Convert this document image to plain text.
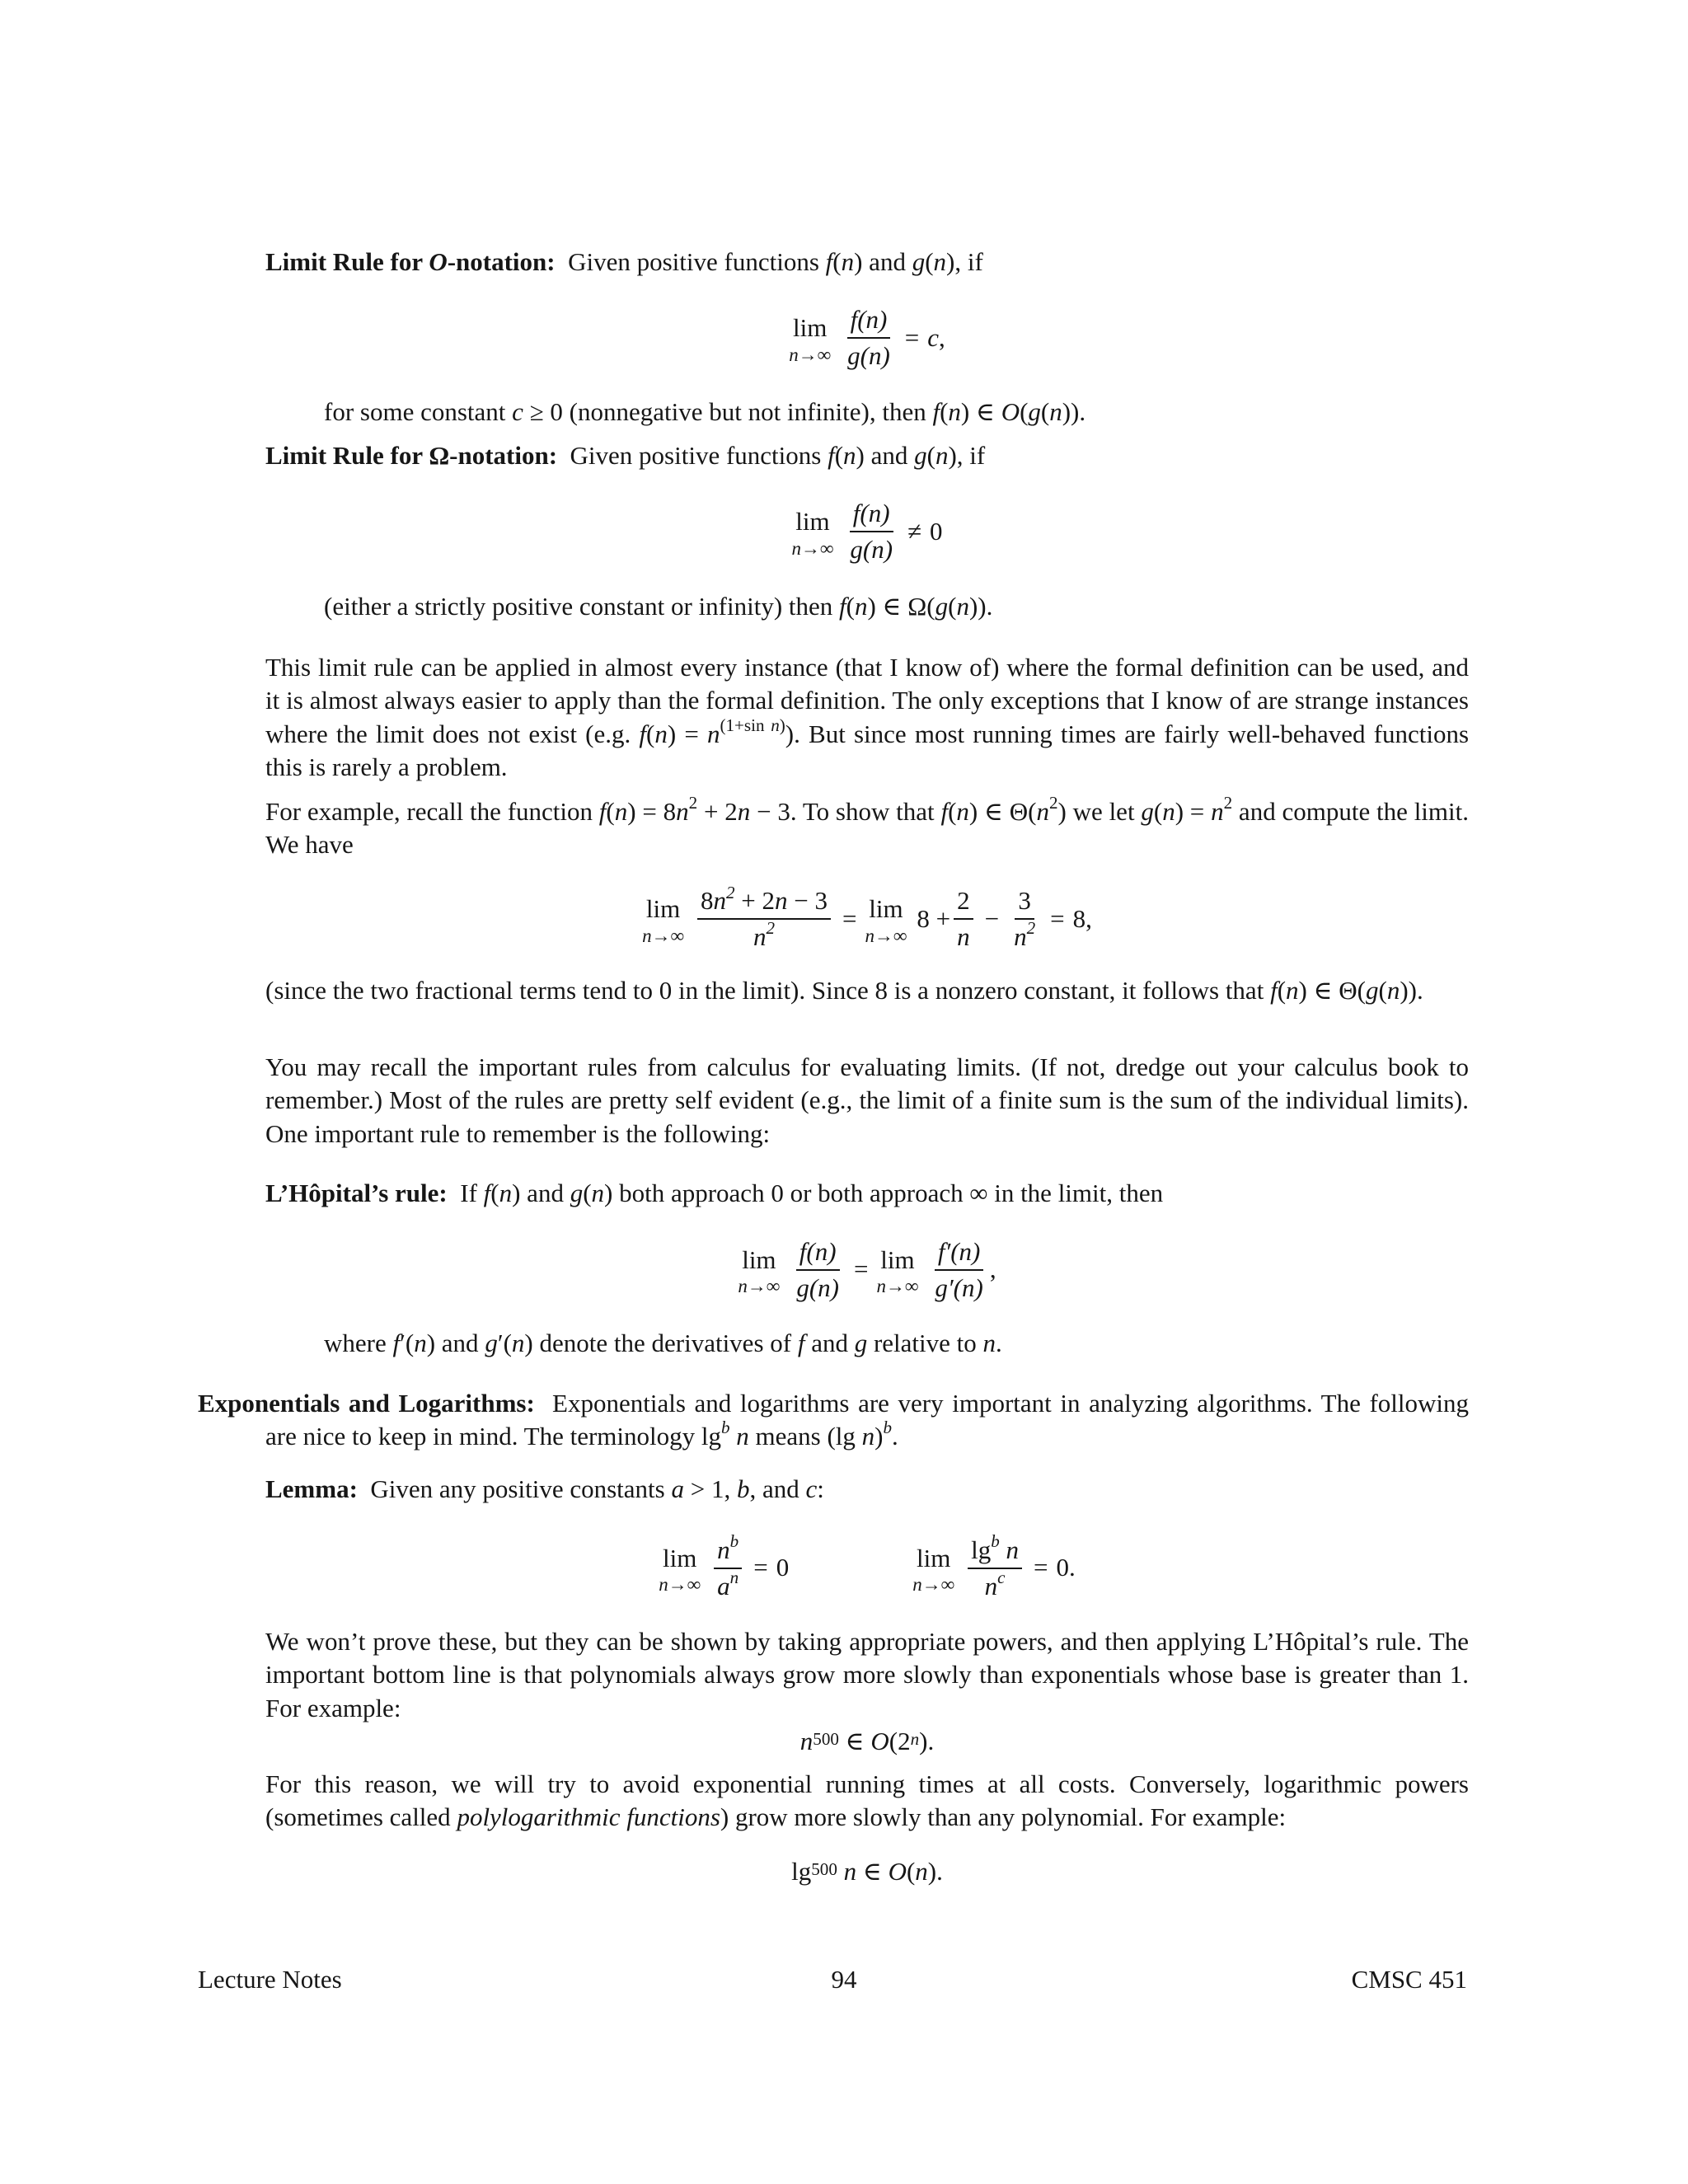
Limit Rule for O-notation:  Given positive functions f(n) and g(n), if
lim
$n\to\infty \frac{f(n)}{g(n)} = c$ ,
for some constant c ≥ 0 (nonnegative but not infinite), then f(n) ∈ O(g(n)).
Limit Rule for Ω-notation:  Given positive functions f(n) and g(n), if
lim
$n\to\infty \frac{f(n)}{g(n)} \ne 0$
(either a strictly positive constant or infinity) then f(n) ∈ Ω(g(n)).

This limit rule can be applied in almost every instance (that I know of) where the formal definition can be used, and it is almost always easier to apply than the formal definition. The only exceptions that I know of are strange instances where the limit does not exist (e.g. $f(n) = n^{(1+sin n)}$). But since most running times are fairly well-behaved functions this is rarely a problem.

For example, recall the function $f(n) = 8n^2 + 2n - 3$. To show that f(n) ∈ $\Theta(n^2)$ we let $g(n) = n^2$ and compute the limit. We have

lim
$n\to\infty \frac{8n^2 + 2n - 3}{n^2} = \lim$
n→∞
$8 + \frac{2}{n} - \frac{3}{n^2} = 8$,

(since the two fractional terms tend to 0 in the limit). Since 8 is a nonzero constant, it follows that f(n) ∈ Θ(g(n)).

You may recall the important rules from calculus for evaluating limits. (If not, dredge out your calculus book to remember.) Most of the rules are pretty self evident (e.g., the limit of a finite sum is the sum of the individual limits). One important rule to remember is the following:

L’Hôpital’s rule:  If f(n) and g(n) both approach 0 or both approach ∞ in the limit, then
lim
$n\to\infty \frac{f(n)}{g(n)} = \lim$
$n\to\infty \frac{f'(n)}{g'(n)}$ ,
where f′(n) and g′(n) denote the derivatives of f and g relative to n.

Exponentials and Logarithms:  Exponentials and logarithms are very important in analyzing algorithms. The following are nice to keep in mind. The terminology $\lg^b n$ means (lg n)$^b$.

Lemma:  Given any positive constants a > 1, b, and c:
lim
$n\to\infty \frac{n^b}{a^n} = 0$	lim
$n\to\infty \frac{\lg^b n}{n^c} = 0$.

We won’t prove these, but they can be shown by taking appropriate powers, and then applying L’Hôpital’s rule. The important bottom line is that polynomials always grow more slowly than exponentials whose base is greater than 1. For example:

$n^{500}$
∈
O (2 $^n$ ).

For this reason, we will try to avoid exponential running times at all costs. Conversely, logarithmic powers (sometimes called polylogarithmic functions) grow more slowly than any polynomial. For example:

$\lg^{500}$
n
∈
O ( n ).
Lecture Notes	94	CMSC 451
